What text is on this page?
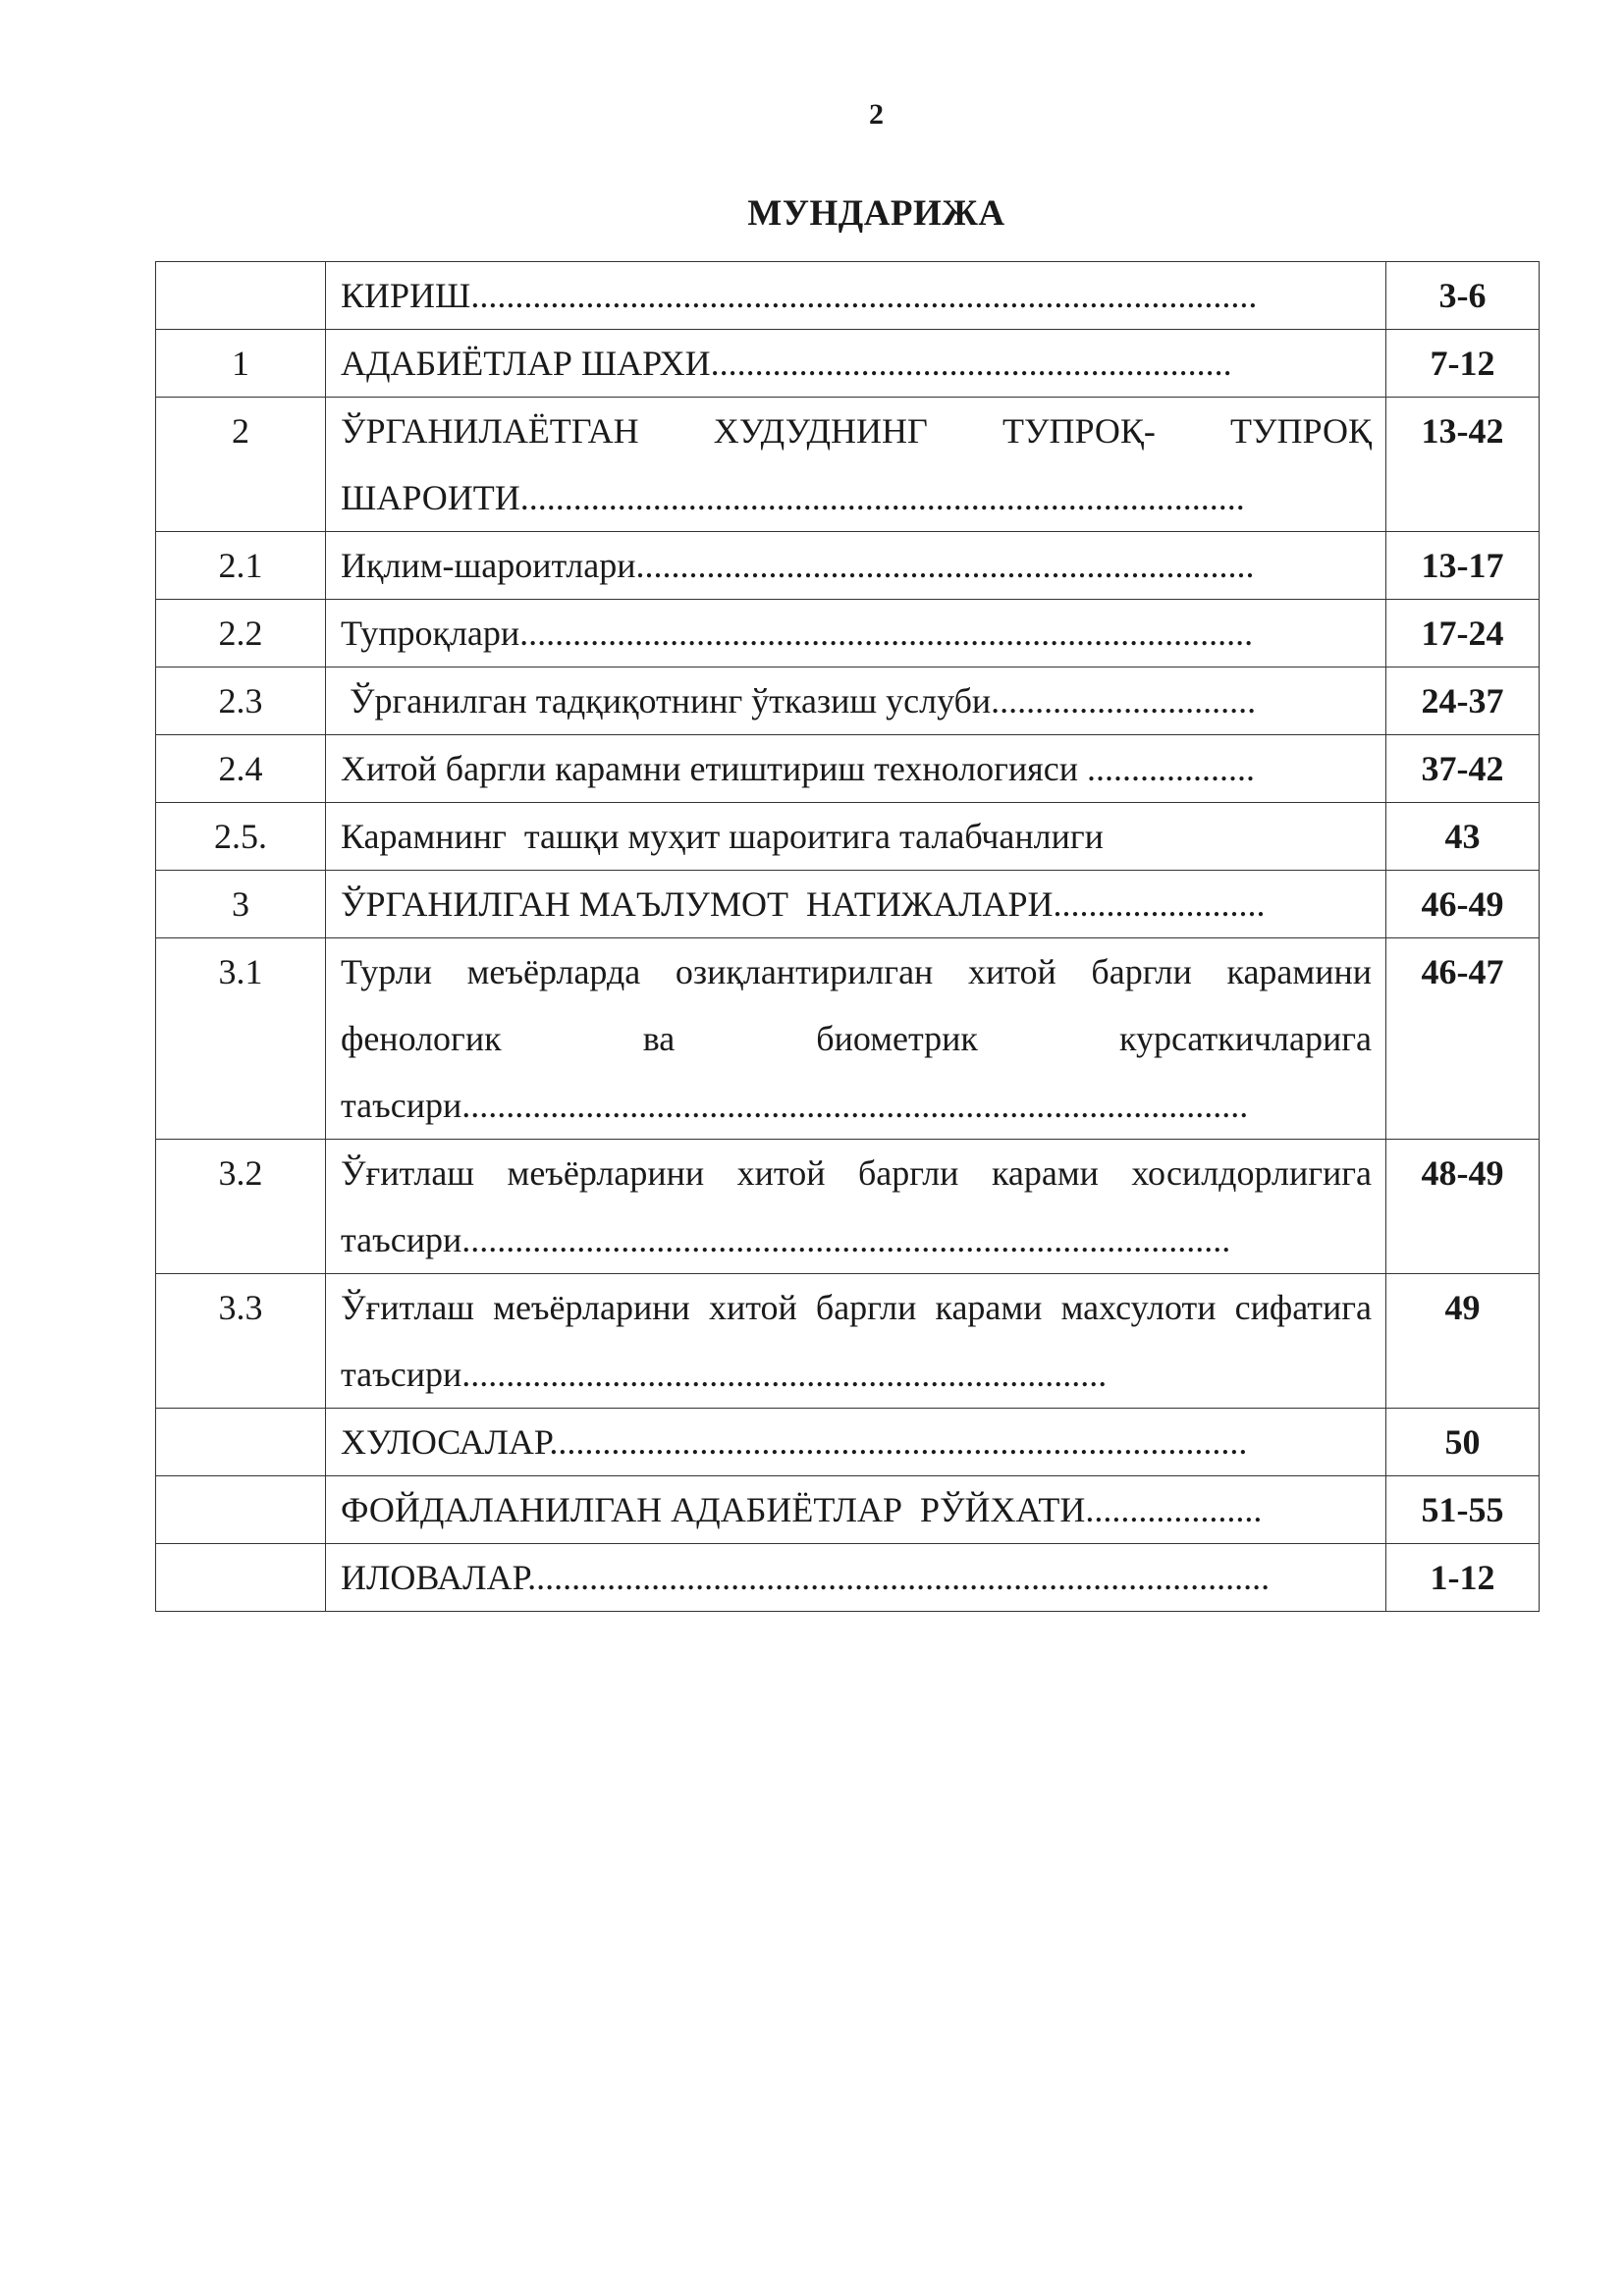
2
МУНДАРИЖА

	КИРИШ.........................................................................................	3-6
1	АДАБИЁТЛАР ШАРХИ...........................................................	7-12
2	ЎРГАНИЛАЁТГАН ХУДУДНИНГ ТУПРОҚ- ТУПРОҚ ШАРОИТИ..................................................................................	13-42
2.1	Иқлим-шароитлари......................................................................	13-17
2.2	Тупроқлари...................................................................................	17-24
2.3	Ўрганилган тадқиқотнинг ўтказиш услуби..............................	24-37
2.4	Хитой баргли карамни етиштириш технологияси ...................	37-42
2.5.	Карамнинг  ташқи муҳит шароитига талабчанлиги	43
3	ЎРГАНИЛГАН МАЪЛУМОТ  НАТИЖАЛАРИ........................	46-49
3.1	Турли меъёрларда озиқлантирилган хитой баргли карамини фенологик ва биометрик курсаткичларига таъсири.........................................................................................	46-47
3.2	Ўғитлаш меъёрларини хитой баргли карами хосилдорлигига таъсири.......................................................................................	48-49
3.3	Ўғитлаш меъёрларини хитой баргли карами махсулоти сифатига таъсири.........................................................................	49

	ХУЛОСАЛАР...............................................................................	50

	ФОЙДАЛАНИЛГАН АДАБИЁТЛАР  РЎЙХАТИ....................	51-55

	ИЛОВАЛАР....................................................................................	1-12
